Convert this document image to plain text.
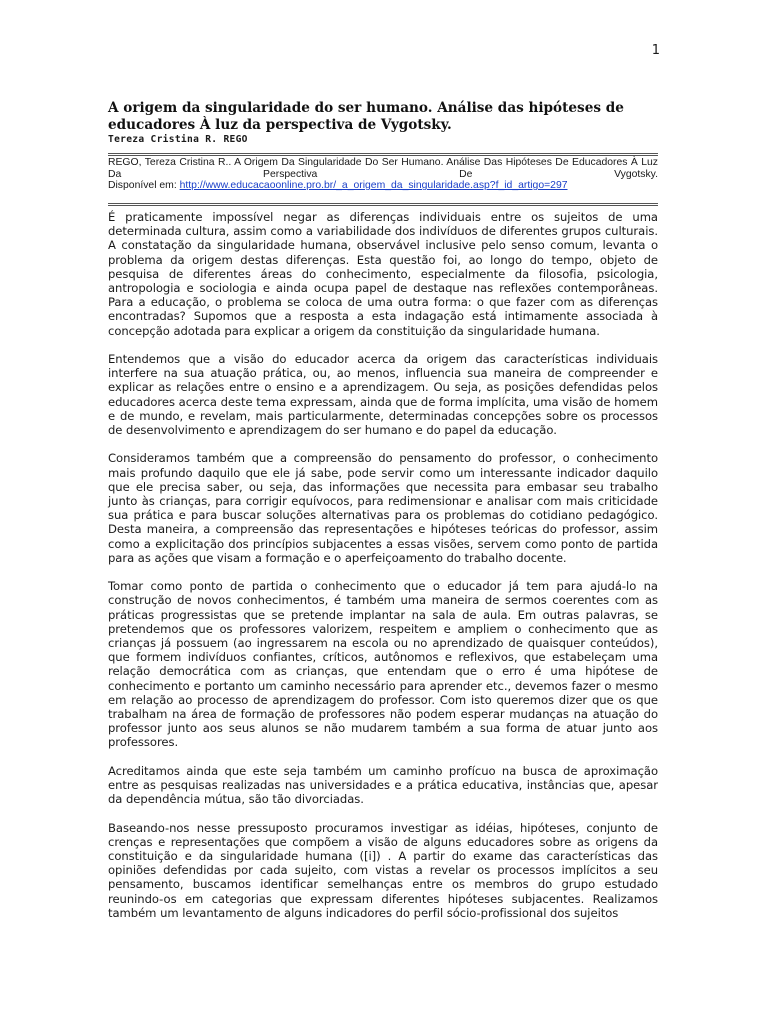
1
A origem da singularidade do ser humano. Análise das hipóteses de educadores À luz da perspectiva de Vygotsky.
Tereza Cristina R. REGO
REGO, Tereza Cristina R.. A Origem Da Singularidade Do Ser Humano. Análise Das Hipóteses De Educadores À Luz Da Perspectiva De Vygotsky.
Disponível em: http://www.educacaoonline.pro.br/_a_origem_da_singularidade.asp?f_id_artigo=297

É praticamente impossível negar as diferenças individuais entre os sujeitos de uma determinada cultura, assim como a variabilidade dos indivíduos de diferentes grupos culturais. A constatação da singularidade humana, observável inclusive pelo senso comum, levanta o problema da origem destas diferenças. Esta questão foi, ao longo do tempo, objeto de pesquisa de diferentes áreas do conhecimento, especialmente da filosofia, psicologia, antropologia e sociologia e ainda ocupa papel de destaque nas reflexões contemporâneas. Para a educação, o problema se coloca de uma outra forma: o que fazer com as diferenças encontradas? Supomos que a resposta a esta indagação está intimamente associada à concepção adotada para explicar a origem da constituição da singularidade humana.

Entendemos que a visão do educador acerca da origem das características individuais interfere na sua atuação prática, ou, ao menos, influencia sua maneira de compreender e explicar as relações entre o ensino e a aprendizagem. Ou seja, as posições defendidas pelos educadores acerca deste tema expressam, ainda que de forma implícita, uma visão de homem e de mundo, e revelam, mais particularmente, determinadas concepções sobre os processos de desenvolvimento e aprendizagem do ser humano e do papel da educação.

Consideramos também que a compreensão do pensamento do professor, o conhecimento mais profundo daquilo que ele já sabe, pode servir como um interessante indicador daquilo que ele precisa saber, ou seja, das informações que necessita para embasar seu trabalho junto às crianças, para corrigir equívocos, para redimensionar e analisar com mais criticidade sua prática e para buscar soluções alternativas para os problemas do cotidiano pedagógico. Desta maneira, a compreensão das representações e hipóteses teóricas do professor, assim como a explicitação dos princípios subjacentes a essas visões, servem como ponto de partida para as ações que visam a formação e o aperfeiçoamento do trabalho docente.

Tomar como ponto de partida o conhecimento que o educador já tem para ajudá-lo na construção de novos conhecimentos, é também uma maneira de sermos coerentes com as práticas progressistas que se pretende implantar na sala de aula. Em outras palavras, se pretendemos que os professores valorizem, respeitem e ampliem o conhecimento que as crianças já possuem (ao ingressarem na escola ou no aprendizado de quaisquer conteúdos), que formem indivíduos confiantes, críticos, autônomos e reflexivos, que estabeleçam uma relação democrática com as crianças, que entendam que o erro é uma hipótese de conhecimento e portanto um caminho necessário para aprender etc., devemos fazer o mesmo em relação ao processo de aprendizagem do professor. Com isto queremos dizer que os que trabalham na área de formação de professores não podem esperar mudanças na atuação do professor junto aos seus alunos se não mudarem também a sua forma de atuar junto aos professores.

Acreditamos ainda que este seja também um caminho profícuo na busca de aproximação entre as pesquisas realizadas nas universidades e a prática educativa, instâncias que, apesar da dependência mútua, são tão divorciadas.

Baseando-nos nesse pressuposto procuramos investigar as idéias, hipóteses, conjunto de crenças e representações que compõem a visão de alguns educadores sobre as origens da constituição e da singularidade humana ([i]) . A partir do exame das características das opiniões defendidas por cada sujeito, com vistas a revelar os processos implícitos a seu pensamento, buscamos identificar semelhanças entre os membros do grupo estudado reunindo-os em categorias que expressam diferentes hipóteses subjacentes. Realizamos também um levantamento de alguns indicadores do perfil sócio-profissional dos sujeitos
